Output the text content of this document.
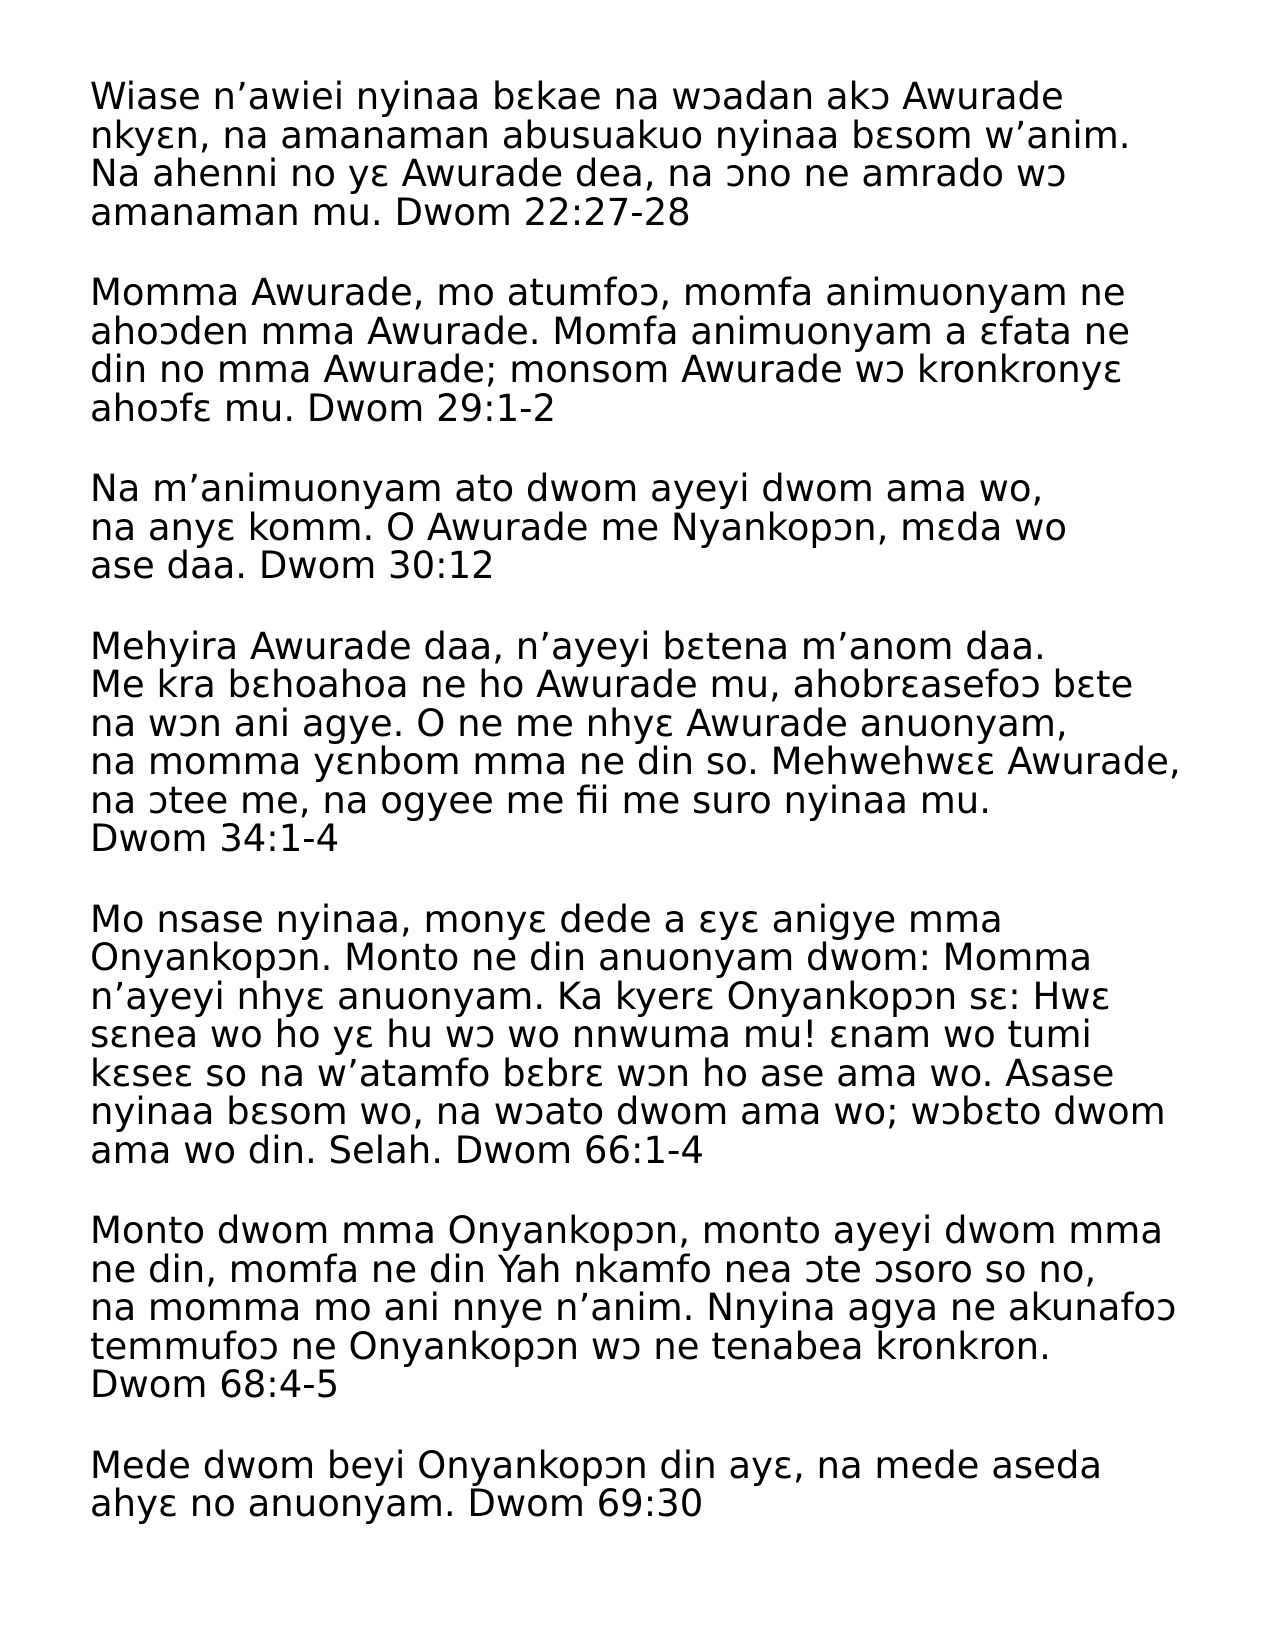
Wiase n’awiei nyinaa bɛkae na wɔadan akɔ Awurade
nkyɛn, na amanaman abusuakuo nyinaa bɛsom w’anim.
Na ahenni no yɛ Awurade dea, na ɔno ne amrado wɔ
amanaman mu. Dwom 22:27-28
Momma Awurade, mo atumfoɔ, momfa animuonyam ne
ahoɔden mma Awurade. Momfa animuonyam a ɛfata ne
din no mma Awurade; monsom Awurade wɔ kronkronyɛ
ahoɔfɛ mu. Dwom 29:1-2
Na m’animuonyam ato dwom ayeyi dwom ama wo,
na anyɛ komm. O Awurade me Nyankopɔn, mɛda wo
ase daa. Dwom 30:12
Mehyira Awurade daa, n’ayeyi bɛtena m’anom daa.
Me kra bɛhoahoa ne ho Awurade mu, ahobrɛasefoɔ bɛte
na wɔn ani agye. O ne me nhyɛ Awurade anuonyam,
na momma yɛnbom mma ne din so. Mehwehwɛɛ Awurade,
na ɔtee me, na ogyee me fii me suro nyinaa mu.
Dwom 34:1-4
Mo nsase nyinaa, monyɛ dede a ɛyɛ anigye mma
Onyankopɔn. Monto ne din anuonyam dwom: Momma
n’ayeyi nhyɛ anuonyam. Ka kyerɛ Onyankopɔn sɛ: Hwɛ
sɛnea wo ho yɛ hu wɔ wo nnwuma mu! ɛnam wo tumi
kɛseɛ so na w’atamfo bɛbrɛ wɔn ho ase ama wo. Asase
nyinaa bɛsom wo, na wɔato dwom ama wo; wɔbɛto dwom
ama wo din. Selah. Dwom 66:1-4
Monto dwom mma Onyankopɔn, monto ayeyi dwom mma
ne din, momfa ne din Yah nkamfo nea ɔte ɔsoro so no,
na momma mo ani nnye n’anim. Nnyina agya ne akunafoɔ
temmufoɔ ne Onyankopɔn wɔ ne tenabea kronkron.
Dwom 68:4-5
Mede dwom beyi Onyankopɔn din ayɛ, na mede aseda
ahyɛ no anuonyam. Dwom 69:30
